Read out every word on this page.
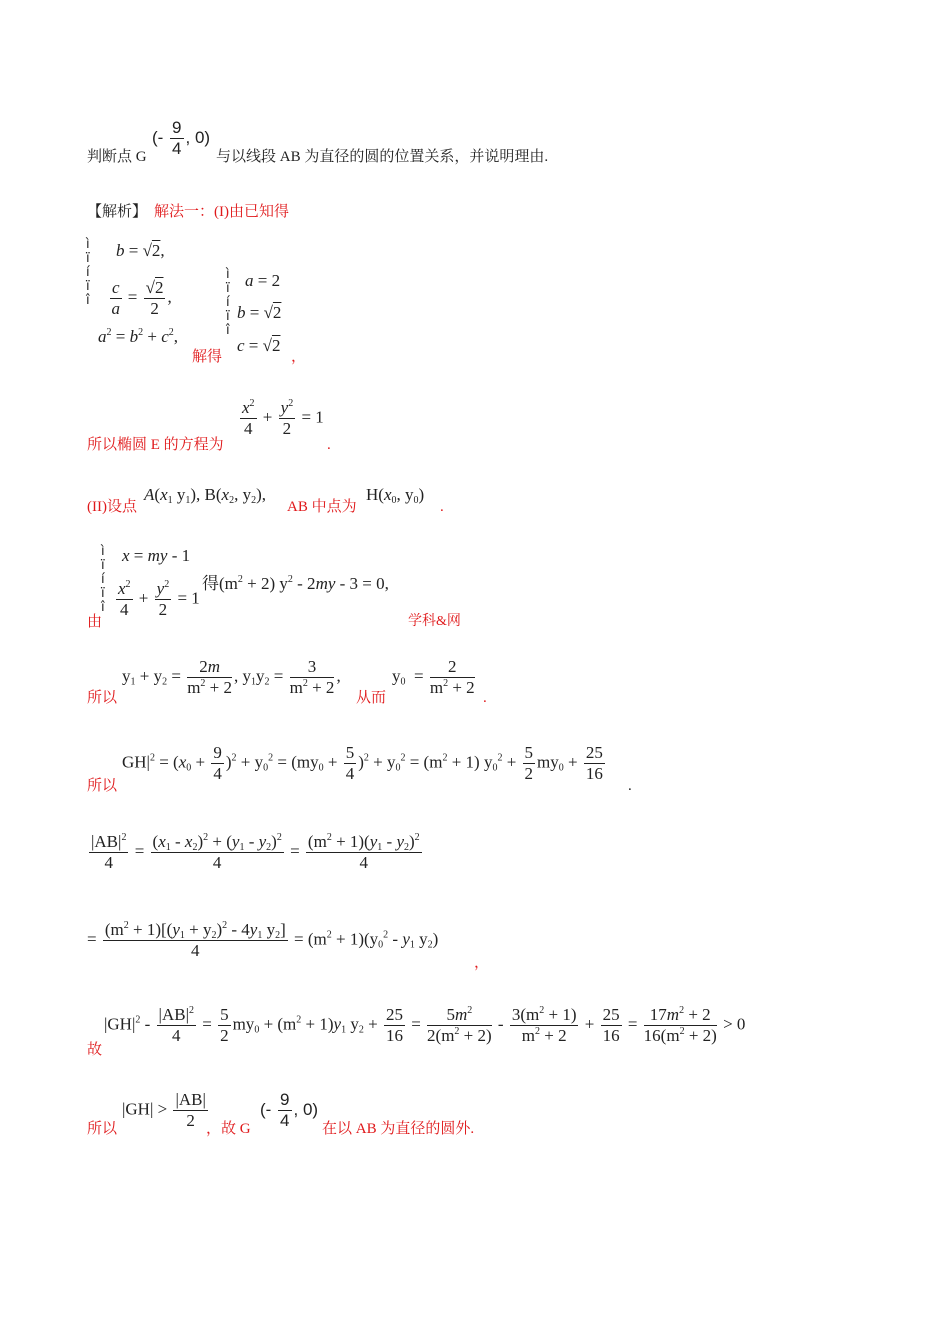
判断点 G
(- $\frac{9}{4}$ , 0)
与以线段 AB 为直径的圆的位置关系，并说明理由.
【解析】 解法一：(I)由已知得
ì
ï
í
ï
î
b = √2,
$\frac{c}{a} = \frac{√2}{2}$ ,
$a^2 = b^2 + c^2$,
解得
ì
ï
í
ï
î
a = 2
b = √2
c = √2
，
所以椭圆 E 的方程为
$\frac{x^2}{4} + \frac{y^2}{2} = 1$
.
(II)设点
$A(x_1$ $y_1$), $B(x_2$, $y_2$),
AB 中点为
$H(x_0$, $y_0$)
.
ì
ï
í
ï
î
x = my - 1
$\frac{x^2}{4} + \frac{y^2}{2} = 1$
由
得$(m^2 + 2)$ $y^2 - 2my - 3 = 0$,
学科&网
所以
$y_1 + y_2 = \frac{2m}{m^2 + 2}$ , $y_1y_2 = \frac{3}{m^2 + 2}$ ,
从而
$y_0 = \frac{2}{m^2 + 2}$ .
所以
$GH|^2 = (x_0 + \frac{9}{4} )^2 + y_0^2 = (my_0 + \frac{5}{4} )^2 + y_0^2 = (m^2 + 1) y_0^2 + \frac{5}{2} my_0 + \frac{25}{16}$
.
$\frac{|AB|^2}{4} = \frac{(x_1 - x_2)^2 + (y_1 - y_2)^2}{4} = \frac{(m^2 + 1)(y_1 - y_2)^2}{4}$
= $\frac{(m^2 + 1)[(y_1 + y_2)^2 - 4y_1 y_2]}{4} = (m^2 + 1)(y_0^2 - y_1$ $y_2$)
，
故
$|GH|^2 - \frac{|AB|^2}{4} = \frac{5}{2} my_0 + (m^2 + 1)y_1$ $y_2 + \frac{25}{16} = \frac{5m^2}{2(m^2 + 2)} - \frac{3(m^2 + 1)}{m^2 + 2} + \frac{25}{16} = \frac{17m^2 + 2}{16(m^2 + 2)} > 0$
所以
$|GH| > \frac{|AB|}{2}$
，故 G
(- $\frac{9}{4}$ , 0)
在以 AB 为直径的圆外.
